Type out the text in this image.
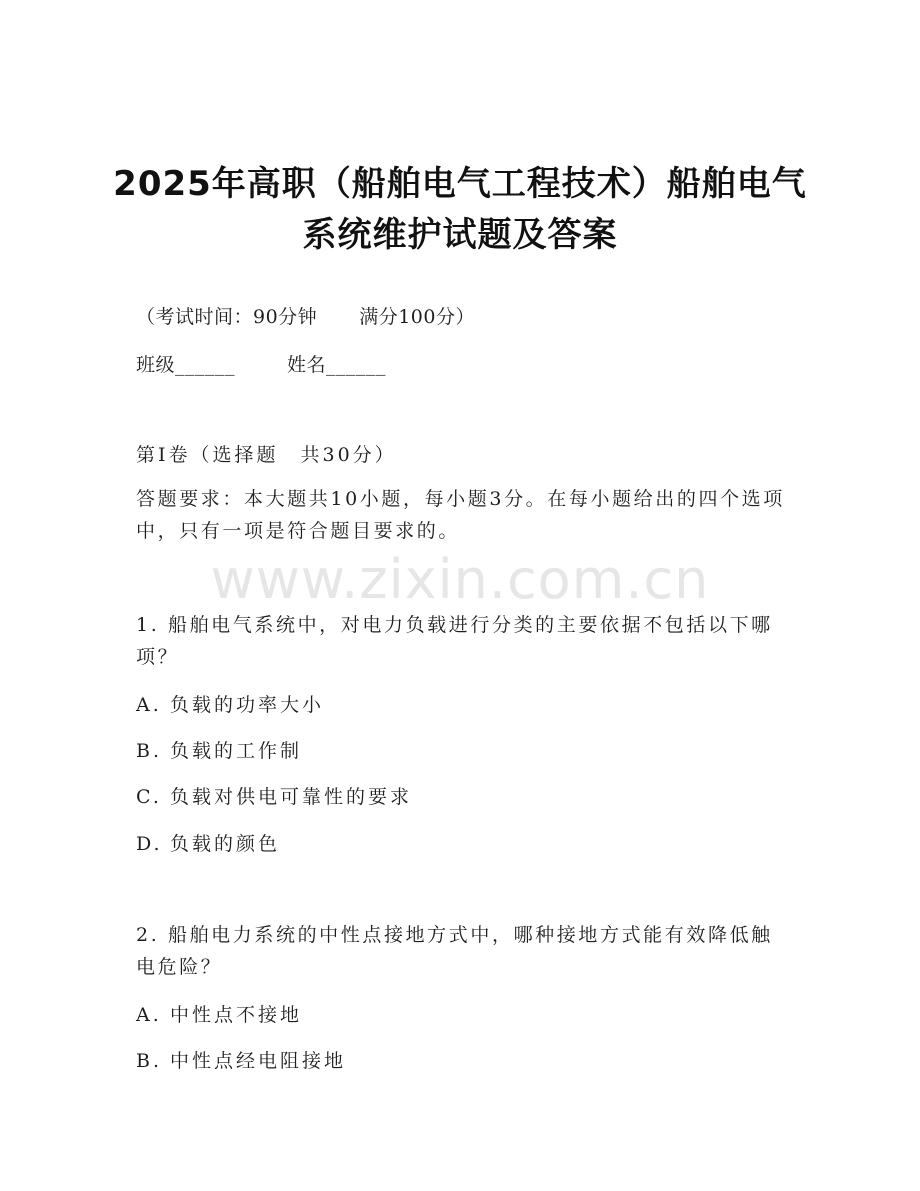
2025年高职（船舶电气工程技术）船舶电气
系统维护试题及答案
（考试时间：90分钟 满分100分）
班级______	姓名______
第I卷（选择题　共30分）
答题要求：本大题共10小题，每小题3分。在每小题给出的四个选项中，只有一项是符合题目要求的。
www.zixin.com.cn
1. 船舶电气系统中，对电力负载进行分类的主要依据不包括以下哪项？
A. 负载的功率大小
B. 负载的工作制
C. 负载对供电可靠性的要求
D. 负载的颜色
2. 船舶电力系统的中性点接地方式中，哪种接地方式能有效降低触电危险？
A. 中性点不接地
B. 中性点经电阻接地
